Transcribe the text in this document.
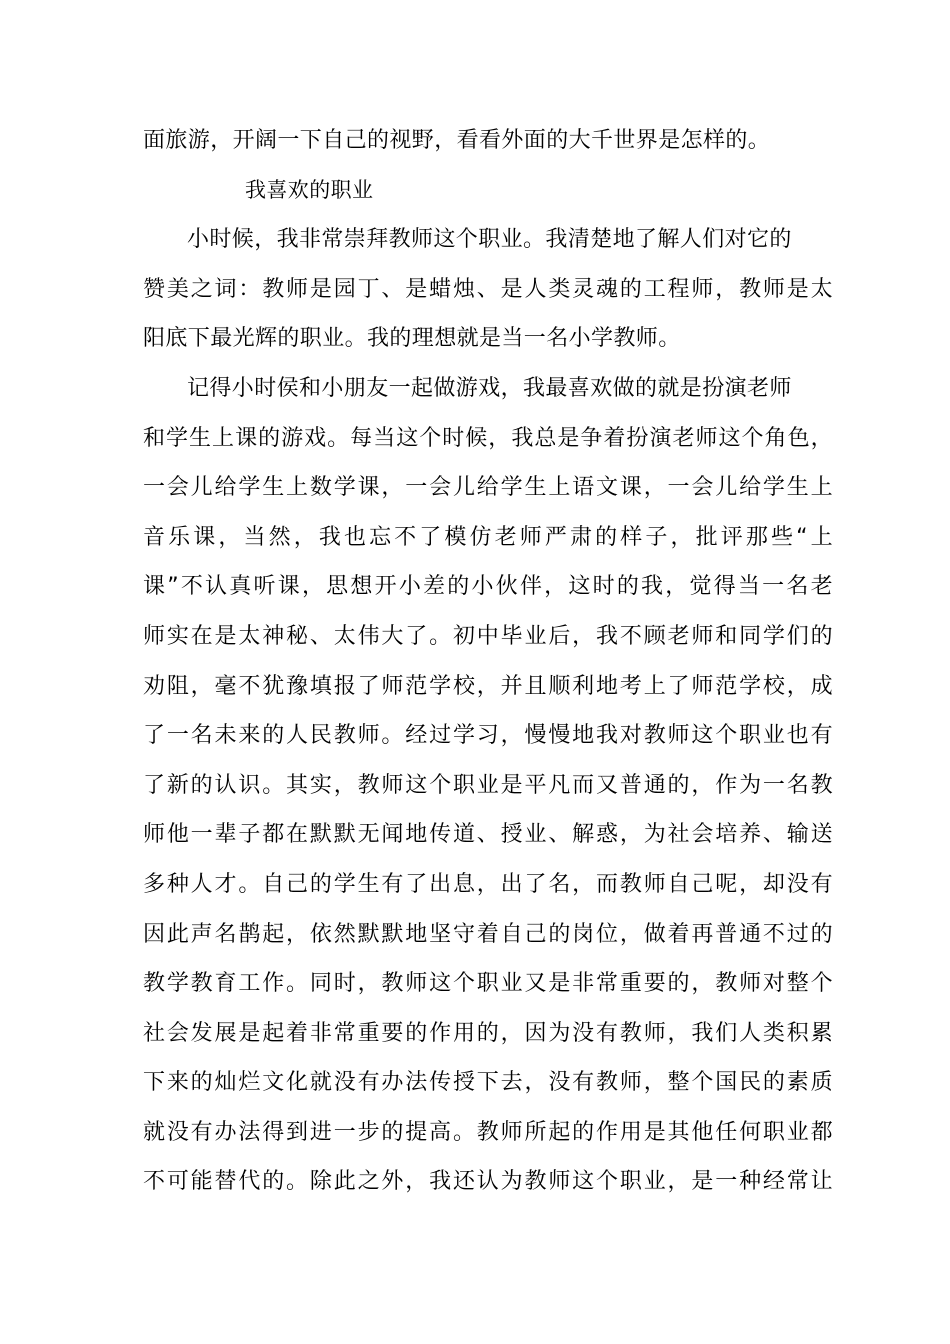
面旅游，开阔一下自己的视野，看看外面的大千世界是怎样的。
我喜欢的职业
小时候，我非常崇拜教师这个职业。我清楚地了解人们对它的
赞美之词：教师是园丁、是蜡烛、是人类灵魂的工程师，教师是太
阳底下最光辉的职业。我的理想就是当一名小学教师。
记得小时侯和小朋友一起做游戏，我最喜欢做的就是扮演老师
和学生上课的游戏。每当这个时候，我总是争着扮演老师这个角色，
一会儿给学生上数学课，一会儿给学生上语文课，一会儿给学生上
音乐课，当然，我也忘不了模仿老师严肃的样子，批评那些“上
课”不认真听课，思想开小差的小伙伴，这时的我，觉得当一名老
师实在是太神秘、太伟大了。初中毕业后，我不顾老师和同学们的
劝阻，毫不犹豫填报了师范学校，并且顺利地考上了师范学校，成
了一名未来的人民教师。经过学习，慢慢地我对教师这个职业也有
了新的认识。其实，教师这个职业是平凡而又普通的，作为一名教
师他一辈子都在默默无闻地传道、授业、解惑，为社会培养、输送
多种人才。自己的学生有了出息，出了名，而教师自己呢，却没有
因此声名鹊起，依然默默地坚守着自己的岗位，做着再普通不过的
教学教育工作。同时，教师这个职业又是非常重要的，教师对整个
社会发展是起着非常重要的作用的，因为没有教师，我们人类积累
下来的灿烂文化就没有办法传授下去，没有教师，整个国民的素质
就没有办法得到进一步的提高。教师所起的作用是其他任何职业都
不可能替代的。除此之外，我还认为教师这个职业，是一种经常让
